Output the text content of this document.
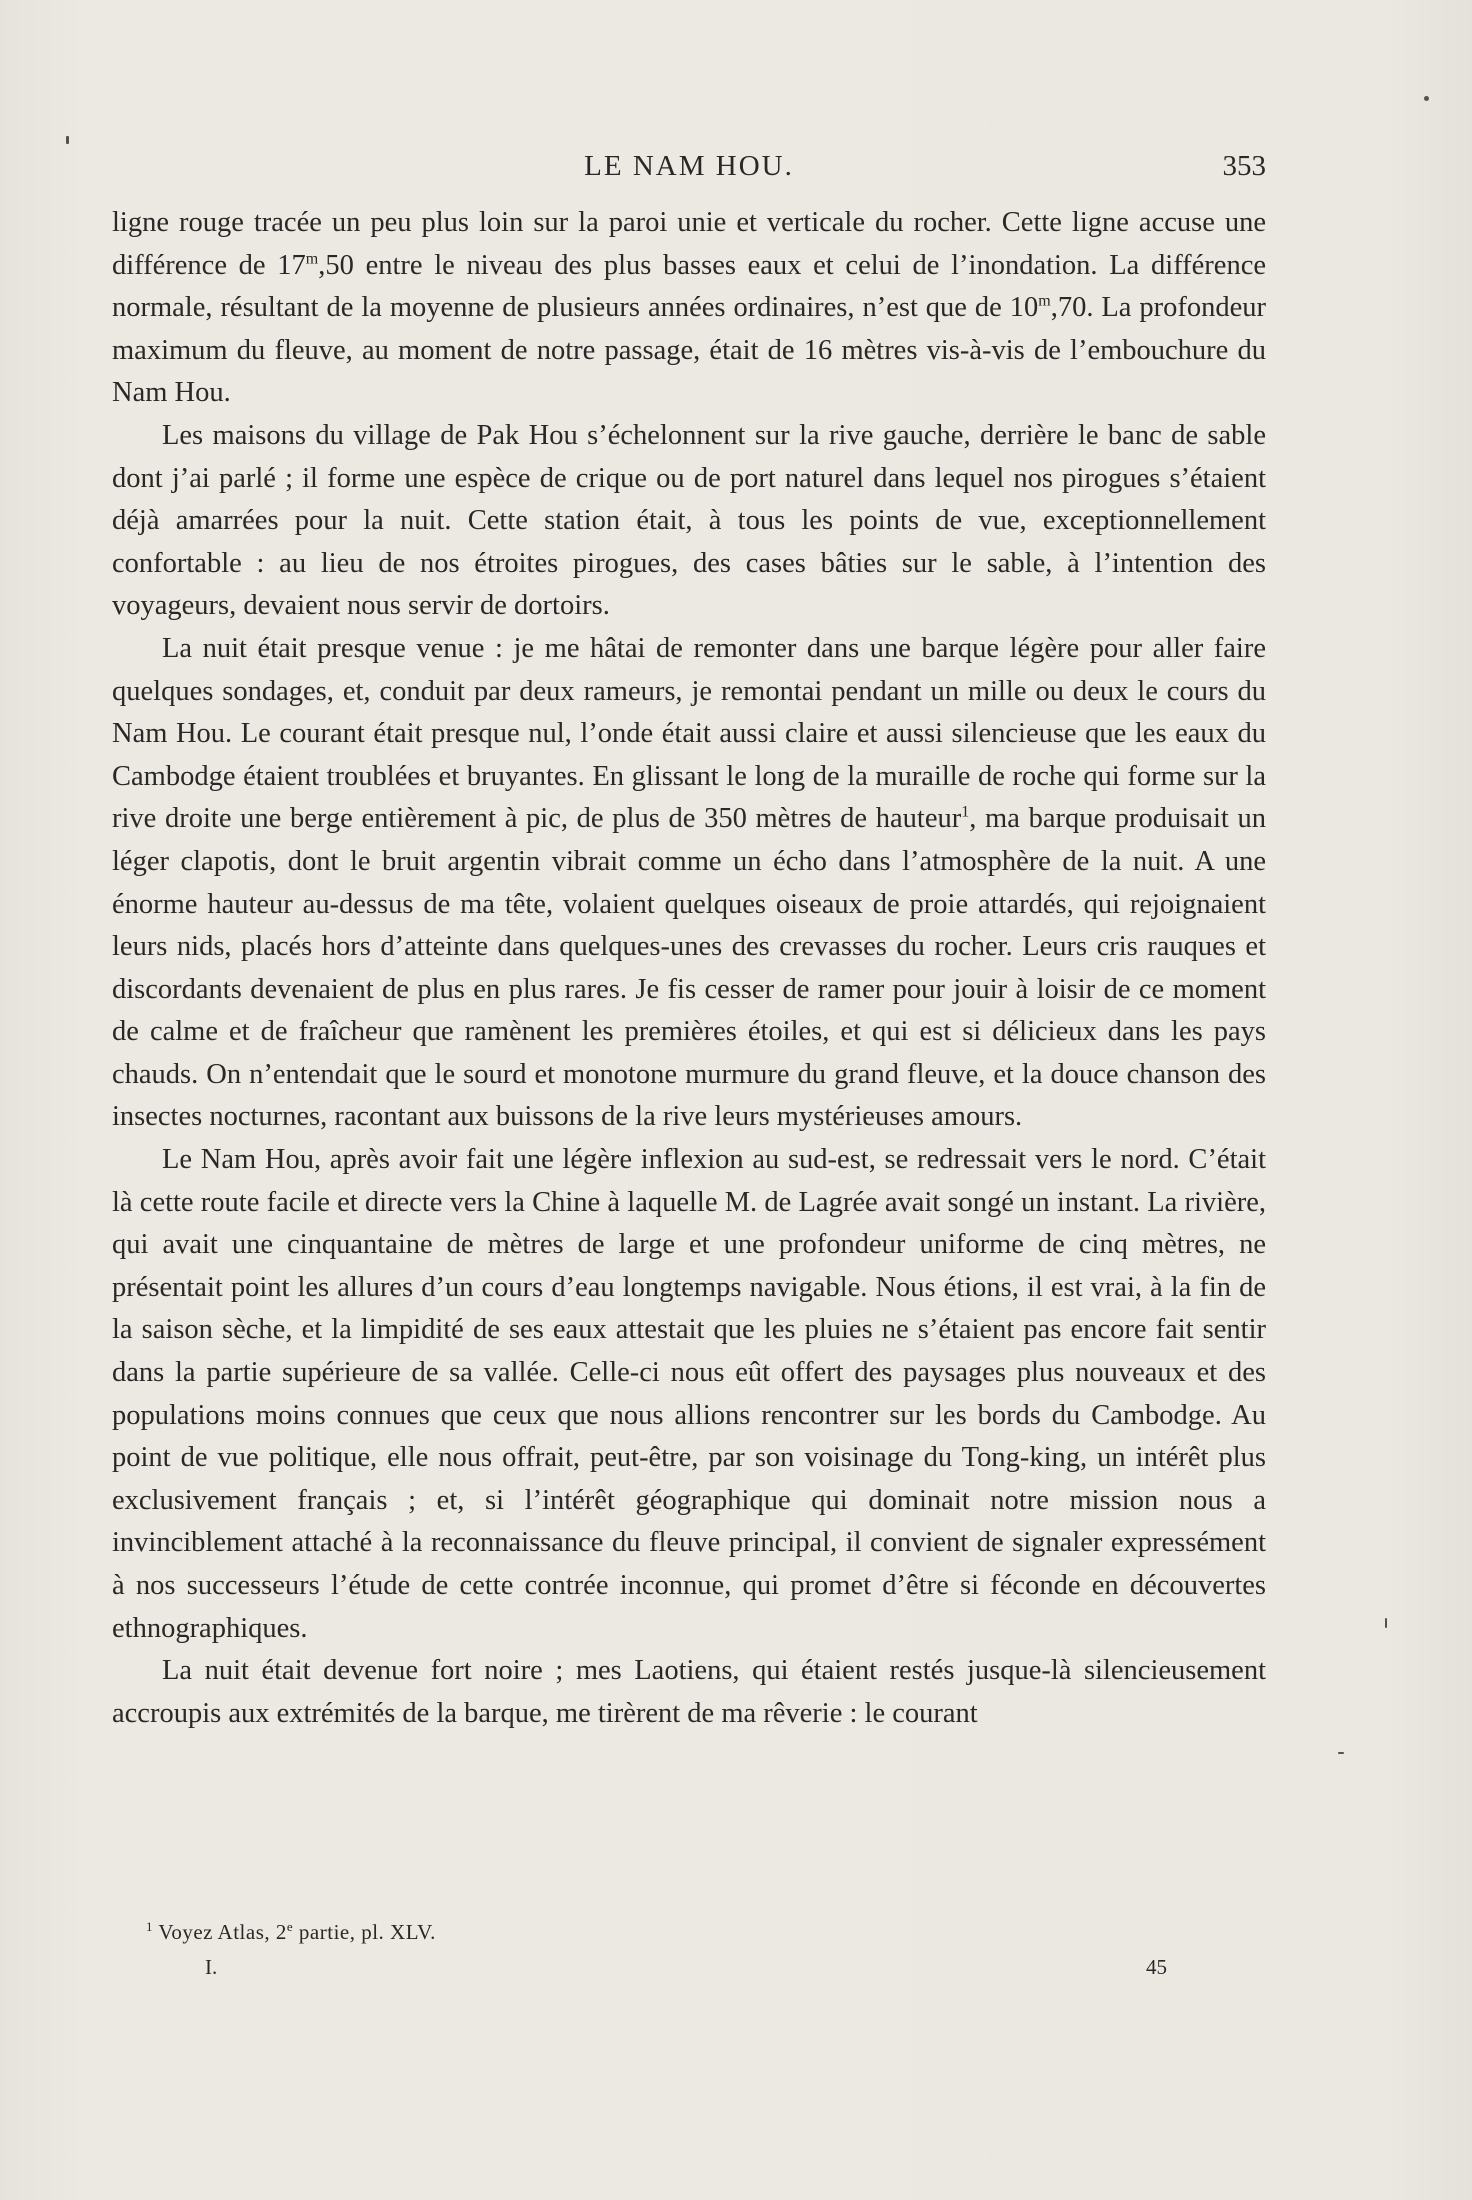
LE NAM HOU.	353

ligne rouge tracée un peu plus loin sur la paroi unie et verticale du rocher. Cette ligne accuse une différence de 17$^m$,50 entre le niveau des plus basses eaux et celui de l’inondation. La différence normale, résultant de la moyenne de plusieurs années ordinaires, n’est que de 10$^m$,70. La profondeur maximum du fleuve, au moment de notre passage, était de 16 mètres vis-à-vis de l’embouchure du Nam Hou.

Les maisons du village de Pak Hou s’échelonnent sur la rive gauche, derrière le banc de sable dont j’ai parlé ; il forme une espèce de crique ou de port naturel dans lequel nos pirogues s’étaient déjà amarrées pour la nuit. Cette station était, à tous les points de vue, exceptionnellement confortable : au lieu de nos étroites pirogues, des cases bâties sur le sable, à l’intention des voyageurs, devaient nous servir de dortoirs.

La nuit était presque venue : je me hâtai de remonter dans une barque légère pour aller faire quelques sondages, et, conduit par deux rameurs, je remontai pendant un mille ou deux le cours du Nam Hou. Le courant était presque nul, l’onde était aussi claire et aussi silencieuse que les eaux du Cambodge étaient troublées et bruyantes. En glissant le long de la muraille de roche qui forme sur la rive droite une berge entièrement à pic, de plus de 350 mètres de hauteur$^1$, ma barque produisait un léger clapotis, dont le bruit argentin vibrait comme un écho dans l’atmosphère de la nuit. A une énorme hauteur au-dessus de ma tête, volaient quelques oiseaux de proie attardés, qui rejoignaient leurs nids, placés hors d’atteinte dans quelques-unes des crevasses du rocher. Leurs cris rauques et discordants devenaient de plus en plus rares. Je fis cesser de ramer pour jouir à loisir de ce moment de calme et de fraîcheur que ramènent les premières étoiles, et qui est si délicieux dans les pays chauds. On n’entendait que le sourd et monotone murmure du grand fleuve, et la douce chanson des insectes nocturnes, racontant aux buissons de la rive leurs mystérieuses amours.

Le Nam Hou, après avoir fait une légère inflexion au sud-est, se redressait vers le nord. C’était là cette route facile et directe vers la Chine à laquelle M. de Lagrée avait songé un instant. La rivière, qui avait une cinquantaine de mètres de large et une profondeur uniforme de cinq mètres, ne présentait point les allures d’un cours d’eau longtemps navigable. Nous étions, il est vrai, à la fin de la saison sèche, et la limpidité de ses eaux attestait que les pluies ne s’étaient pas encore fait sentir dans la partie supérieure de sa vallée. Celle-ci nous eût offert des paysages plus nouveaux et des populations moins connues que ceux que nous allions rencontrer sur les bords du Cambodge. Au point de vue politique, elle nous offrait, peut-être, par son voisinage du Tong-king, un intérêt plus exclusivement français ; et, si l’intérêt géographique qui dominait notre mission nous a invinciblement attaché à la reconnaissance du fleuve principal, il convient de signaler expressément à nos successeurs l’étude de cette contrée inconnue, qui promet d’être si féconde en découvertes ethnographiques.

La nuit était devenue fort noire ; mes Laotiens, qui étaient restés jusque-là silencieusement accroupis aux extrémités de la barque, me tirèrent de ma rêverie : le courant

$^1$ Voyez Atlas, 2e partie, pl. XLV.
I.	45
